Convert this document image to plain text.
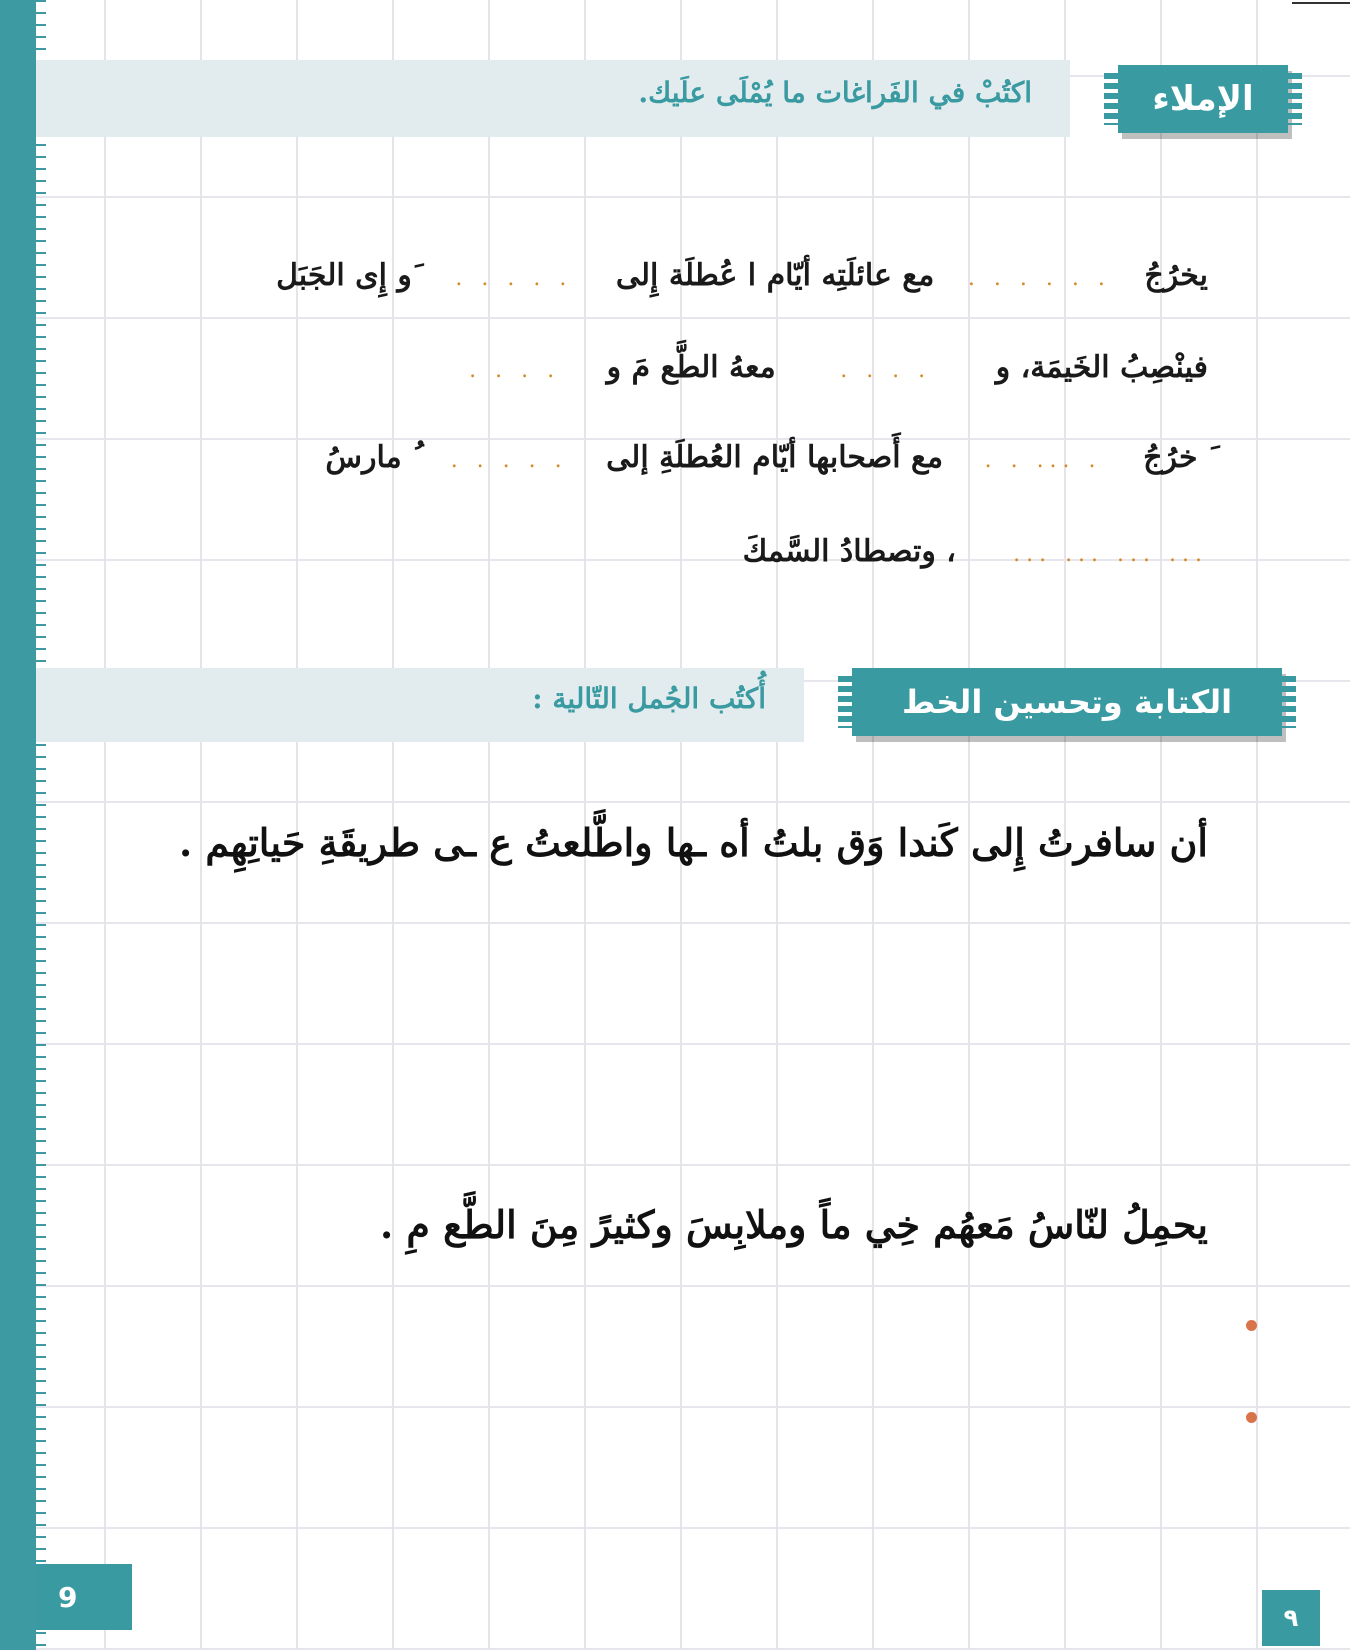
اكتُبْ في الفَراغات ما يُمْلَى علَيك.	الإملاء
يخرُجُ
. . . . . .
مع عائلَتِه أيّام ا عُطلَة إِلى
. . . . .
َو إِى الجَبَل
فينْصِبُ الخَيمَة، و
. . . .
معهُ الطَّع مَ و
. . . .
َ خرُجُ
. ... . .
مع أَصحابها أيّام العُطلَةِ إلى
. . . . .
ُ مارسُ
... ... ... ...
، وتصطادُ السَّمكَ
أُكتُب الجُمل التّالية :	الكتابة وتحسين الخط
أن سافرتُ إِلى كَندا وَق بلتُ أه ـها واطَّلعتُ ع ـى طريقَةِ حَياتِهِم .
يحمِلُ لنّاسُ مَعهُم خِي ماً وملابِسَ وكثيرً مِنَ الطَّع مِ .
9
٩
